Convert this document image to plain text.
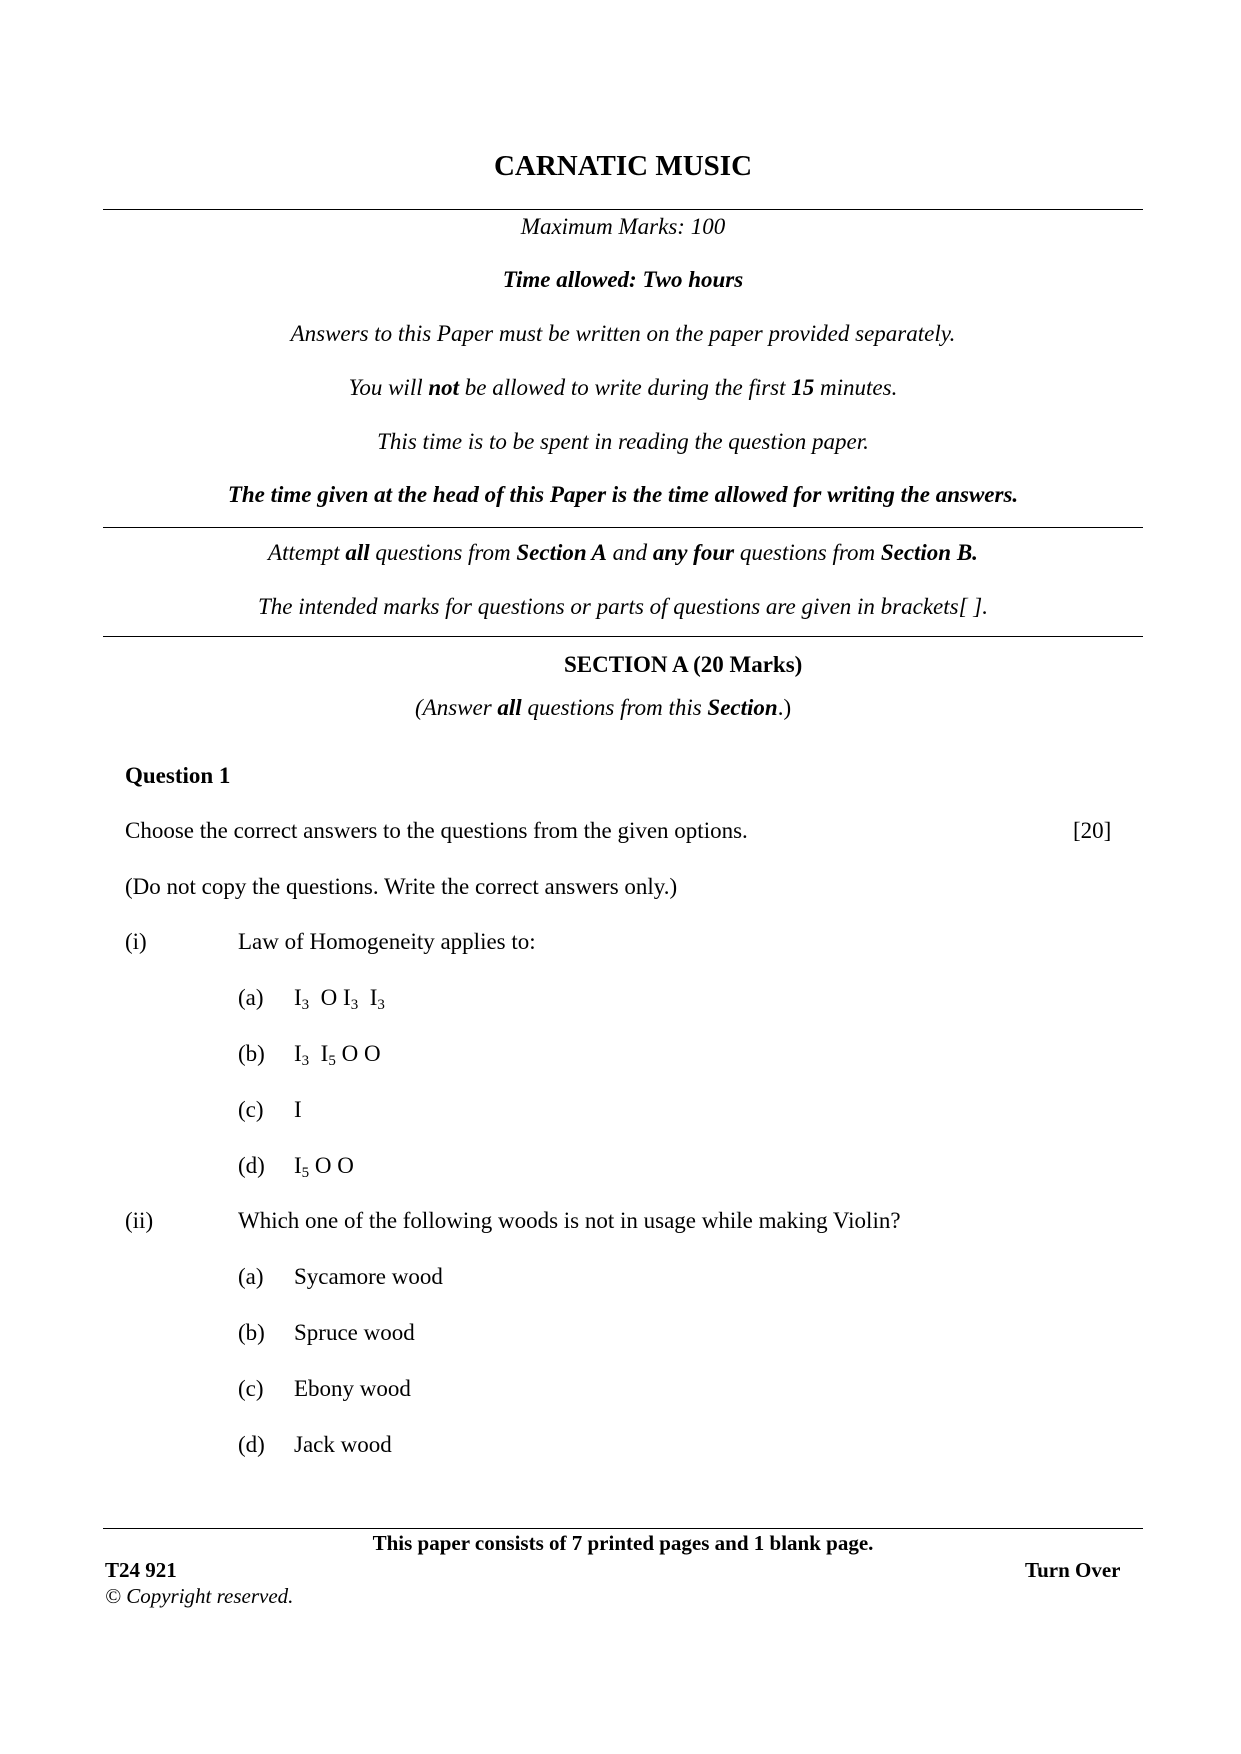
CARNATIC MUSIC
Maximum Marks: 100
Time allowed: Two hours
Answers to this Paper must be written on the paper provided separately.
You will not be allowed to write during the first 15 minutes.
This time is to be spent in reading the question paper.
The time given at the head of this Paper is the time allowed for writing the answers.
Attempt all questions from Section A and any four questions from Section B.
The intended marks for questions or parts of questions are given in brackets[ ].
SECTION A (20 Marks)
(Answer all questions from this Section.)
Question 1
Choose the correct answers to the questions from the given options.	[20]
(Do not copy the questions. Write the correct answers only.)
(i)	Law of Homogeneity applies to:
(a) $I_3$  O $I_3$  $I_3$
(b) $I_3$  $I_5$ O O
(c) I
(d) $I_5$ O O
(ii)	Which one of the following woods is not in usage while making Violin?
(a) Sycamore wood
(b) Spruce wood
(c) Ebony wood
(d) Jack wood
This paper consists of 7 printed pages and 1 blank page.
T24 921	Turn Over
© Copyright reserved.
